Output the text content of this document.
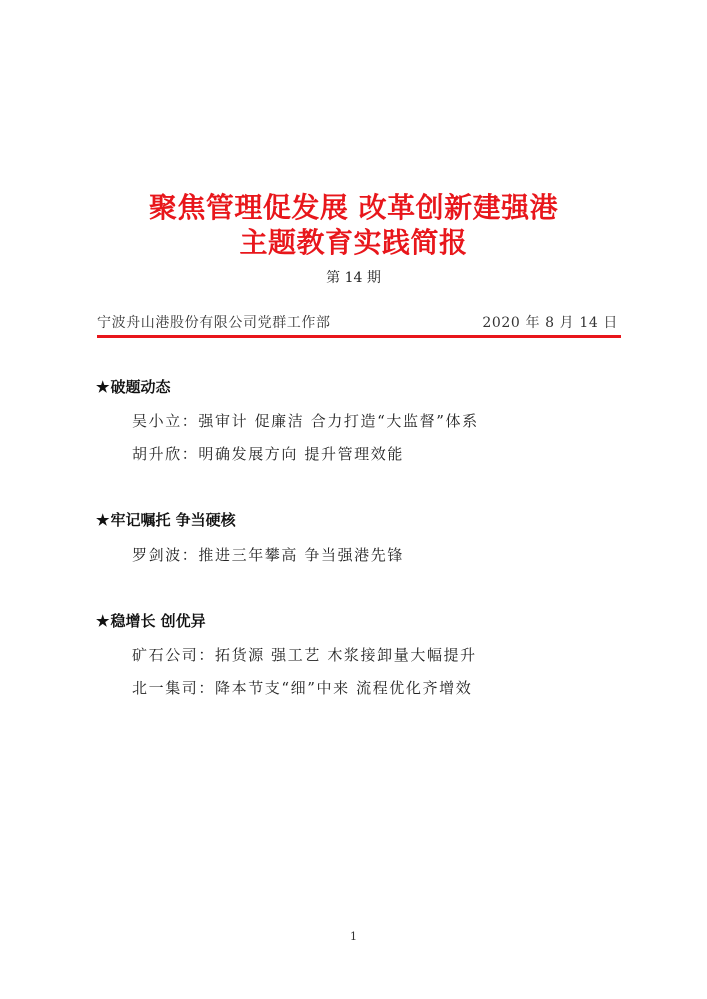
聚焦管理促发展 改革创新建强港
主题教育实践简报
第 14 期
宁波舟山港股份有限公司党群工作部	2020 年 8 月 14 日
★破题动态
吴小立：强审计 促廉洁 合力打造“大监督”体系
胡升欣：明确发展方向 提升管理效能
★牢记嘱托 争当硬核
罗剑波：推进三年攀高 争当强港先锋
★稳增长 创优异
矿石公司：拓货源 强工艺 木浆接卸量大幅提升
北一集司：降本节支“细”中来 流程优化齐增效
1
